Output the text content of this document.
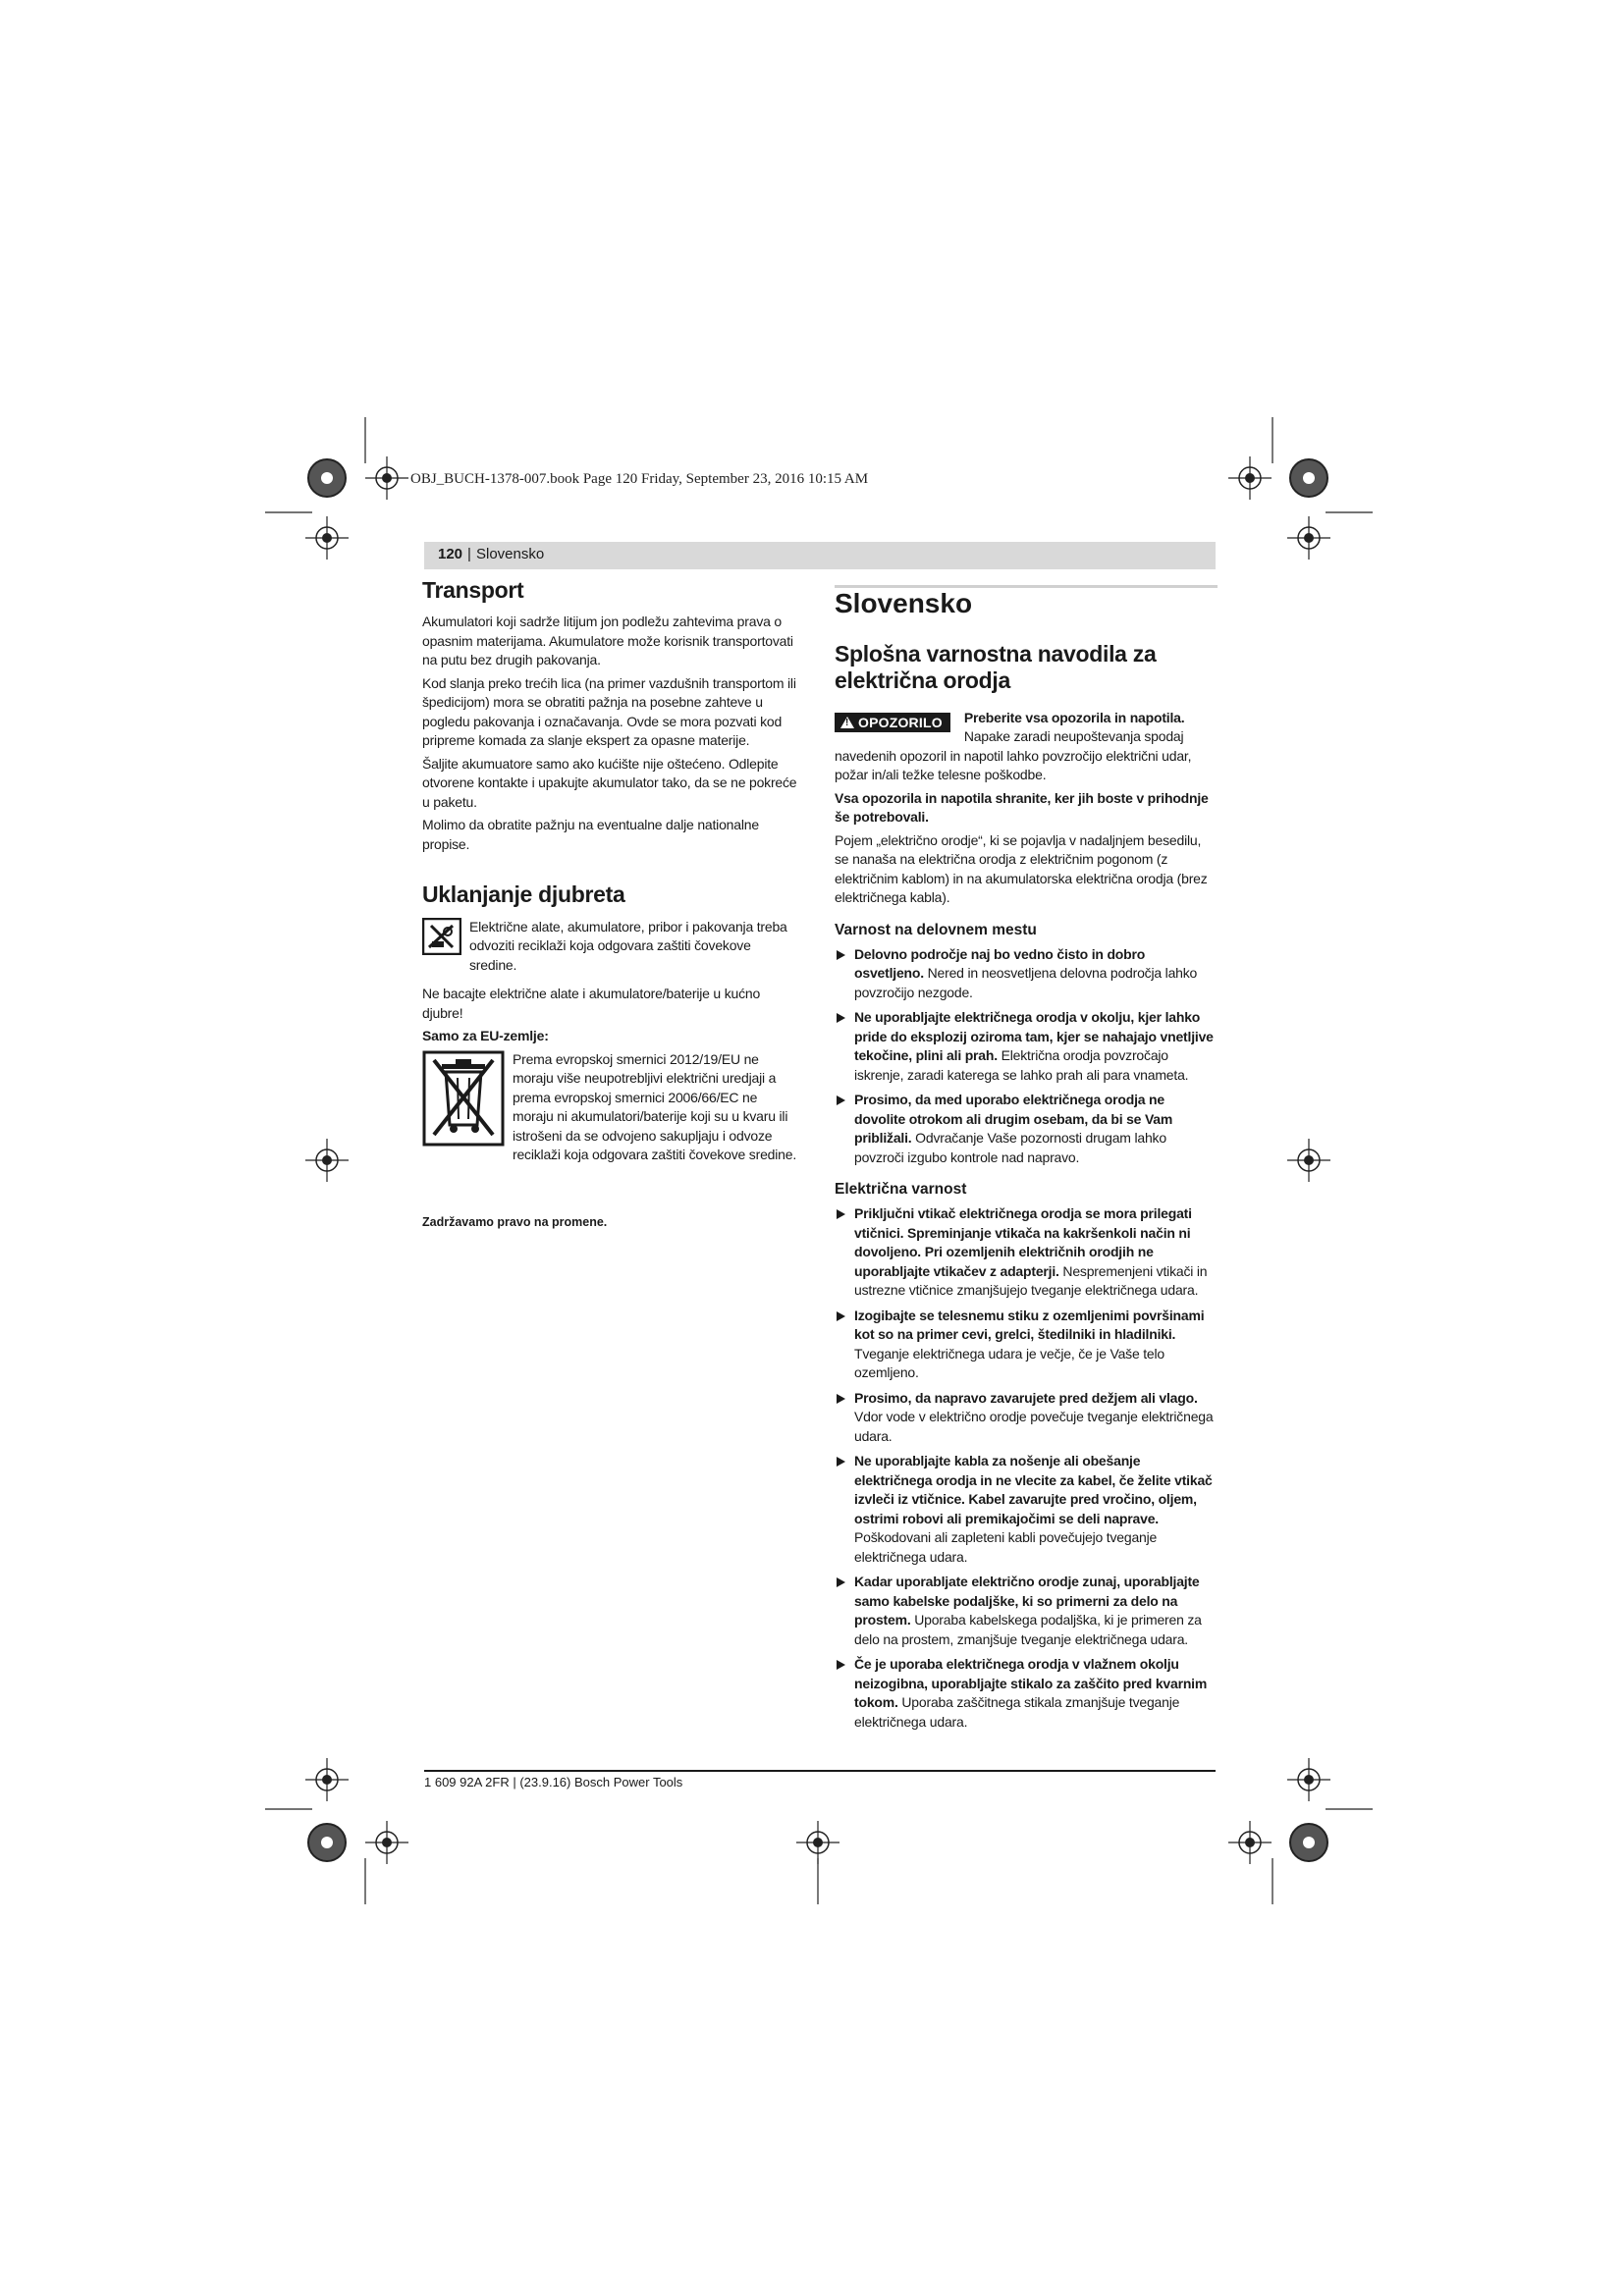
OBJ_BUCH-1378-007.book Page 120 Friday, September 23, 2016 10:15 AM
120 | Slovensko
Transport

Akumulatori koji sadrže litijum jon podležu zahtevima prava o opasnim materijama. Akumulatore može korisnik transportovati na putu bez drugih pakovanja.

Kod slanja preko trećih lica (na primer vazdušnih transportom ili špedicijom) mora se obratiti pažnja na posebne zahteve u pogledu pakovanja i označavanja. Ovde se mora pozvati kod pripreme komada za slanje ekspert za opasne materije.

Šaljite akumuatore samo ako kućište nije oštećeno. Odlepite otvorene kontakte i upakujte akumulator tako, da se ne pokreće u paketu.

Molimo da obratite pažnju na eventualne dalje nationalne propise.

Uklanjanje djubreta

Električne alate, akumulatore, pribor i pakovanja treba odvoziti reciklaži koja odgovara zaštiti čovekove sredine.

Ne bacajte električne alate i akumulatore/baterije u kućno djubre!

Samo za EU-zemlje:

Prema evropskoj smernici 2012/19/EU ne moraju više neupotrebljivi električni uredjaji a prema evropskoj smernici 2006/66/EC ne moraju ni akumulatori/baterije koji su u kvaru ili istrošeni da se odvojeno sakupljaju i odvoze reciklaži koja odgovara zaštiti čovekove sredine.

Zadržavamo pravo na promene.
Slovensko
Splošna varnostna navodila za električna orodja
!
OPOZORILO	Preberite vsa opozorila in napotila. Napake zaradi neupoštevanja spodaj navedenih opozoril in napotil lahko povzročijo električni udar, požar in/ali težke telesne poškodbe.

Vsa opozorila in napotila shranite, ker jih boste v prihodnje še potrebovali.

Pojem „električno orodje“, ki se pojavlja v nadaljnjem besedilu, se nanaša na električna orodja z električnim pogonom (z električnim kablom) in na akumulatorska električna orodja (brez električnega kabla).

Varnost na delovnem mestu
Delovno področje naj bo vedno čisto in dobro osvetljeno. Nered in neosvetljena delovna področja lahko povzročijo nezgode.
Ne uporabljajte električnega orodja v okolju, kjer lahko pride do eksplozij oziroma tam, kjer se nahajajo vnetljive tekočine, plini ali prah. Električna orodja povzročajo iskrenje, zaradi katerega se lahko prah ali para vnameta.
Prosimo, da med uporabo električnega orodja ne dovolite otrokom ali drugim osebam, da bi se Vam približali. Odvračanje Vaše pozornosti drugam lahko povzroči izgubo kontrole nad napravo.
Električna varnost
Priključni vtikač električnega orodja se mora prilegati vtičnici. Spreminjanje vtikača na kakršenkoli način ni dovoljeno. Pri ozemljenih električnih orodjih ne uporabljajte vtikačev z adapterji. Nespremenjeni vtikači in ustrezne vtičnice zmanjšujejo tveganje električnega udara.
Izogibajte se telesnemu stiku z ozemljenimi površinami kot so na primer cevi, grelci, štedilniki in hladilniki. Tveganje električnega udara je večje, če je Vaše telo ozemljeno.
Prosimo, da napravo zavarujete pred dežjem ali vlago. Vdor vode v električno orodje povečuje tveganje električnega udara.
Ne uporabljajte kabla za nošenje ali obešanje električnega orodja in ne vlecite za kabel, če želite vtikač izvleči iz vtičnice. Kabel zavarujte pred vročino, oljem, ostrimi robovi ali premikajočimi se deli naprave. Poškodovani ali zapleteni kabli povečujejo tveganje električnega udara.
Kadar uporabljate električno orodje zunaj, uporabljajte samo kabelske podaljške, ki so primerni za delo na prostem. Uporaba kabelskega podaljška, ki je primeren za delo na prostem, zmanjšuje tveganje električnega udara.
Če je uporaba električnega orodja v vlažnem okolju neizogibna, uporabljajte stikalo za zaščito pred kvarnim tokom. Uporaba zaščitnega stikala zmanjšuje tveganje električnega udara.
1 609 92A 2FR | (23.9.16) Bosch Power Tools
